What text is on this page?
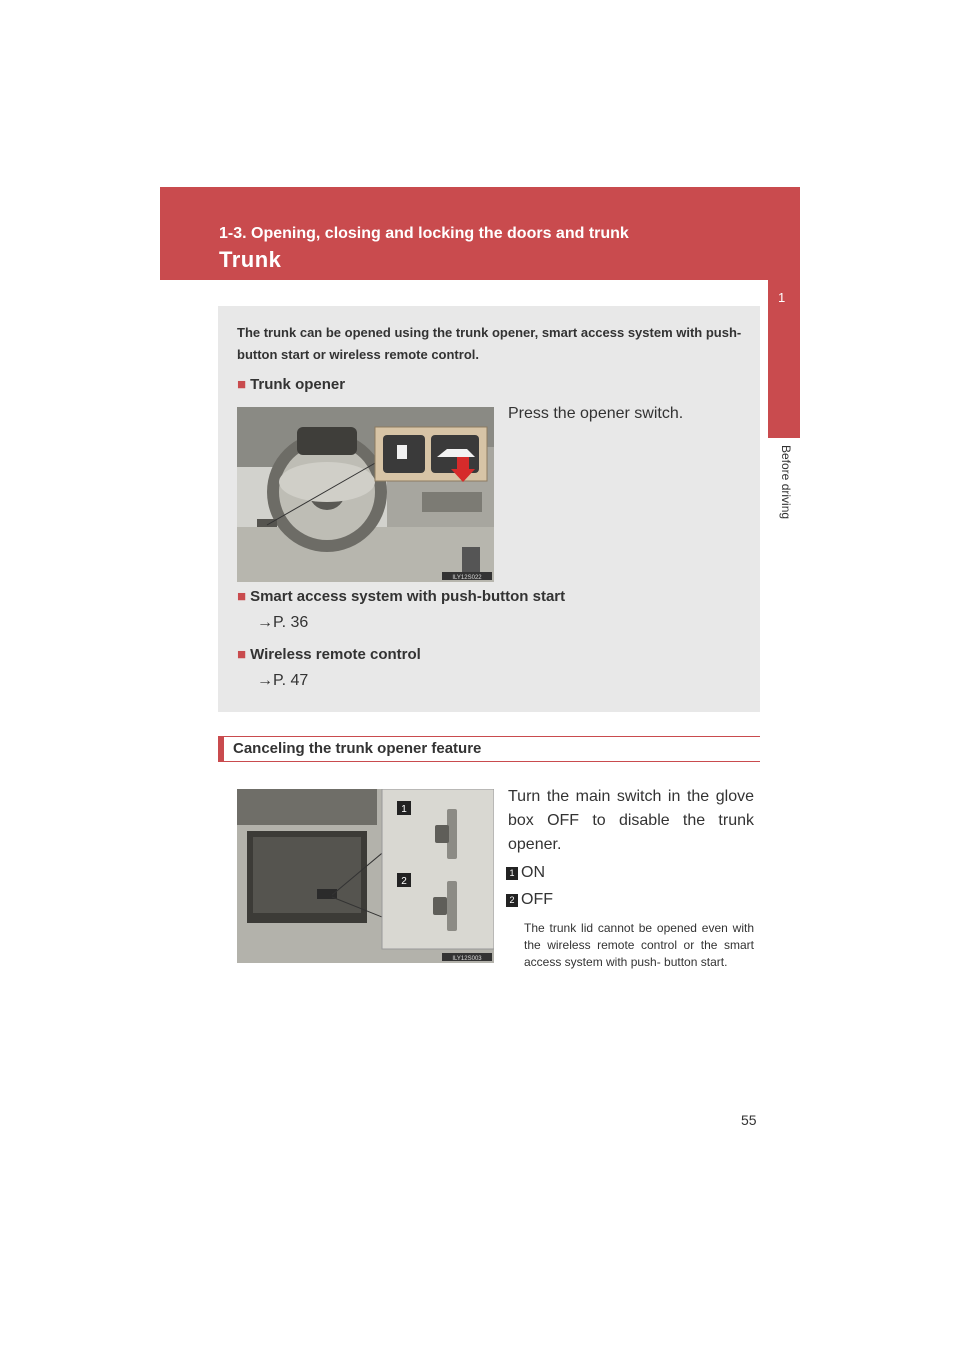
1-3. Opening, closing and locking the doors and trunk
Trunk
1
Before driving
The trunk can be opened using the trunk opener, smart access system with push-button start or wireless remote control.
■ Trunk opener
Press the opener switch.
ILY12S022
■ Smart access system with push-button start
→P. 36
■ Wireless remote control
→P. 47
Canceling the trunk opener feature
1
2
ILY12S003
Turn the main switch in the glove box OFF to disable the trunk opener.
1 ON
2 OFF
The trunk lid cannot be opened even with the wireless remote control or the smart access system with push- button start.
55
